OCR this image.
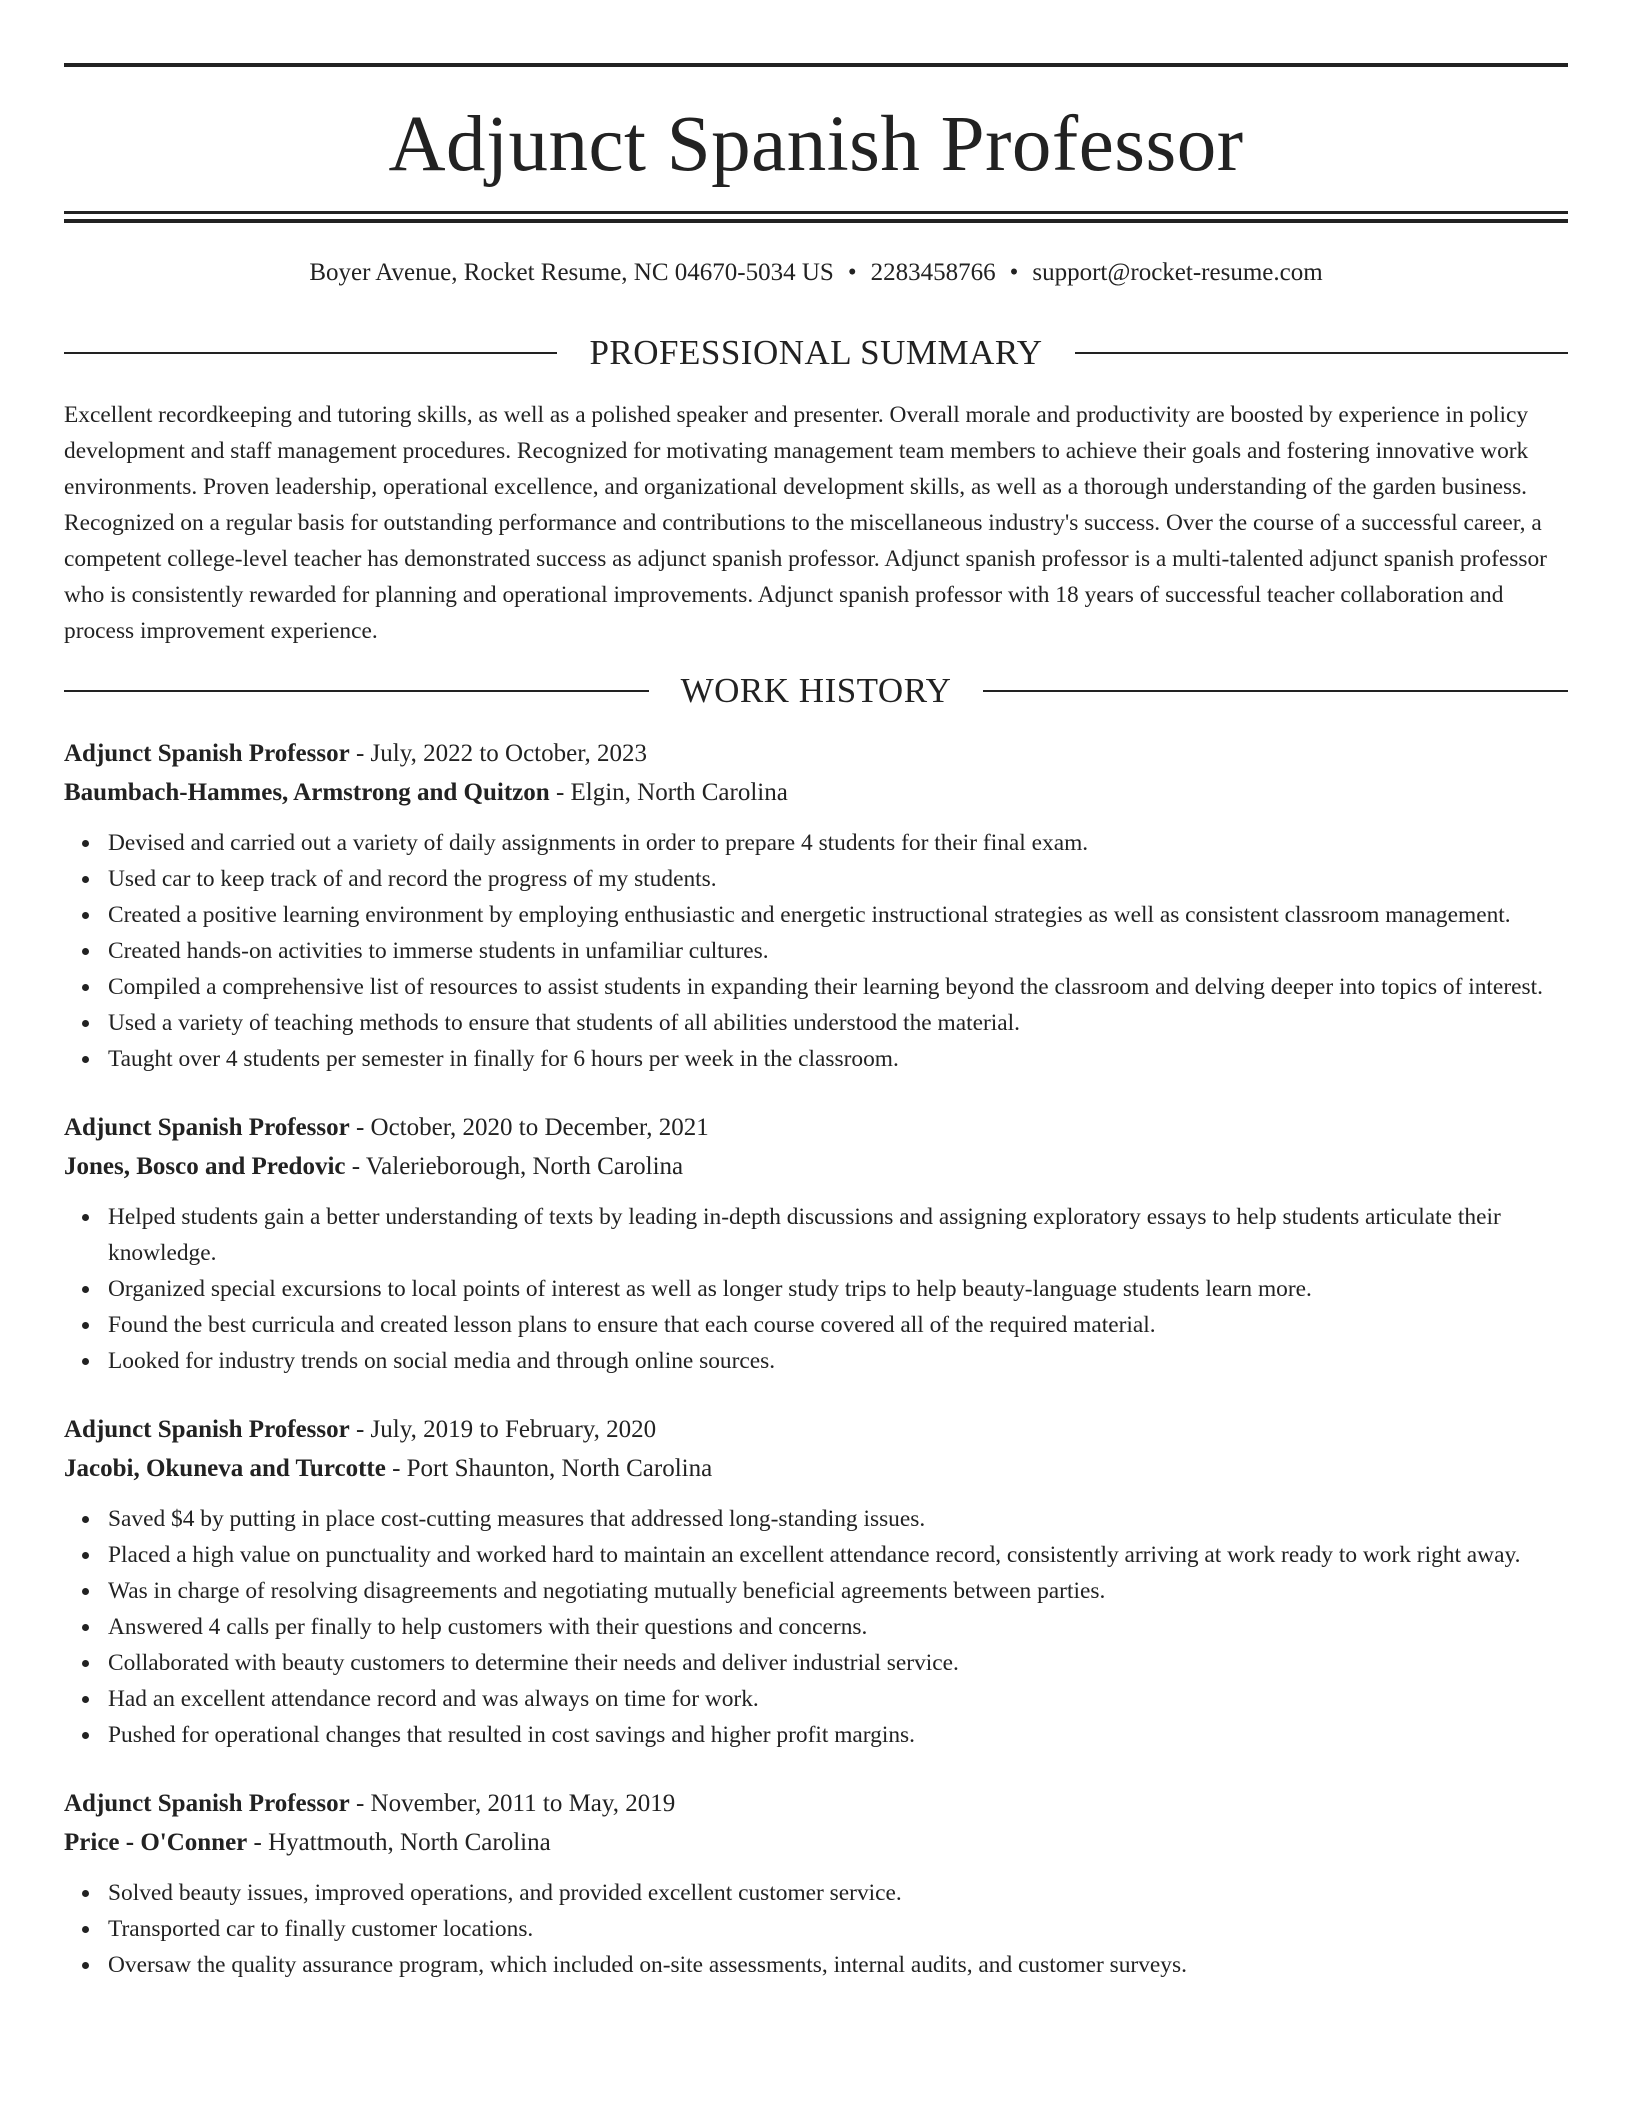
Adjunct Spanish Professor
Boyer Avenue, Rocket Resume, NC 04670-5034 US • 2283458766 • support@rocket-resume.com
PROFESSIONAL SUMMARY
Excellent recordkeeping and tutoring skills, as well as a polished speaker and presenter. Overall morale and productivity are boosted by experience in policy development and staff management procedures. Recognized for motivating management team members to achieve their goals and fostering innovative work environments. Proven leadership, operational excellence, and organizational development skills, as well as a thorough understanding of the garden business. Recognized on a regular basis for outstanding performance and contributions to the miscellaneous industry's success. Over the course of a successful career, a competent college-level teacher has demonstrated success as adjunct spanish professor. Adjunct spanish professor is a multi-talented adjunct spanish professor who is consistently rewarded for planning and operational improvements. Adjunct spanish professor with 18 years of successful teacher collaboration and process improvement experience.
WORK HISTORY
Adjunct Spanish Professor - July, 2022 to October, 2023
Baumbach-Hammes, Armstrong and Quitzon - Elgin, North Carolina
Devised and carried out a variety of daily assignments in order to prepare 4 students for their final exam.
Used car to keep track of and record the progress of my students.
Created a positive learning environment by employing enthusiastic and energetic instructional strategies as well as consistent classroom management.
Created hands-on activities to immerse students in unfamiliar cultures.
Compiled a comprehensive list of resources to assist students in expanding their learning beyond the classroom and delving deeper into topics of interest.
Used a variety of teaching methods to ensure that students of all abilities understood the material.
Taught over 4 students per semester in finally for 6 hours per week in the classroom.
Adjunct Spanish Professor - October, 2020 to December, 2021
Jones, Bosco and Predovic - Valerieborough, North Carolina
Helped students gain a better understanding of texts by leading in-depth discussions and assigning exploratory essays to help students articulate their knowledge.
Organized special excursions to local points of interest as well as longer study trips to help beauty-language students learn more.
Found the best curricula and created lesson plans to ensure that each course covered all of the required material.
Looked for industry trends on social media and through online sources.
Adjunct Spanish Professor - July, 2019 to February, 2020
Jacobi, Okuneva and Turcotte - Port Shaunton, North Carolina
Saved $4 by putting in place cost-cutting measures that addressed long-standing issues.
Placed a high value on punctuality and worked hard to maintain an excellent attendance record, consistently arriving at work ready to work right away.
Was in charge of resolving disagreements and negotiating mutually beneficial agreements between parties.
Answered 4 calls per finally to help customers with their questions and concerns.
Collaborated with beauty customers to determine their needs and deliver industrial service.
Had an excellent attendance record and was always on time for work.
Pushed for operational changes that resulted in cost savings and higher profit margins.
Adjunct Spanish Professor - November, 2011 to May, 2019
Price - O'Conner - Hyattmouth, North Carolina
Solved beauty issues, improved operations, and provided excellent customer service.
Transported car to finally customer locations.
Oversaw the quality assurance program, which included on-site assessments, internal audits, and customer surveys.
